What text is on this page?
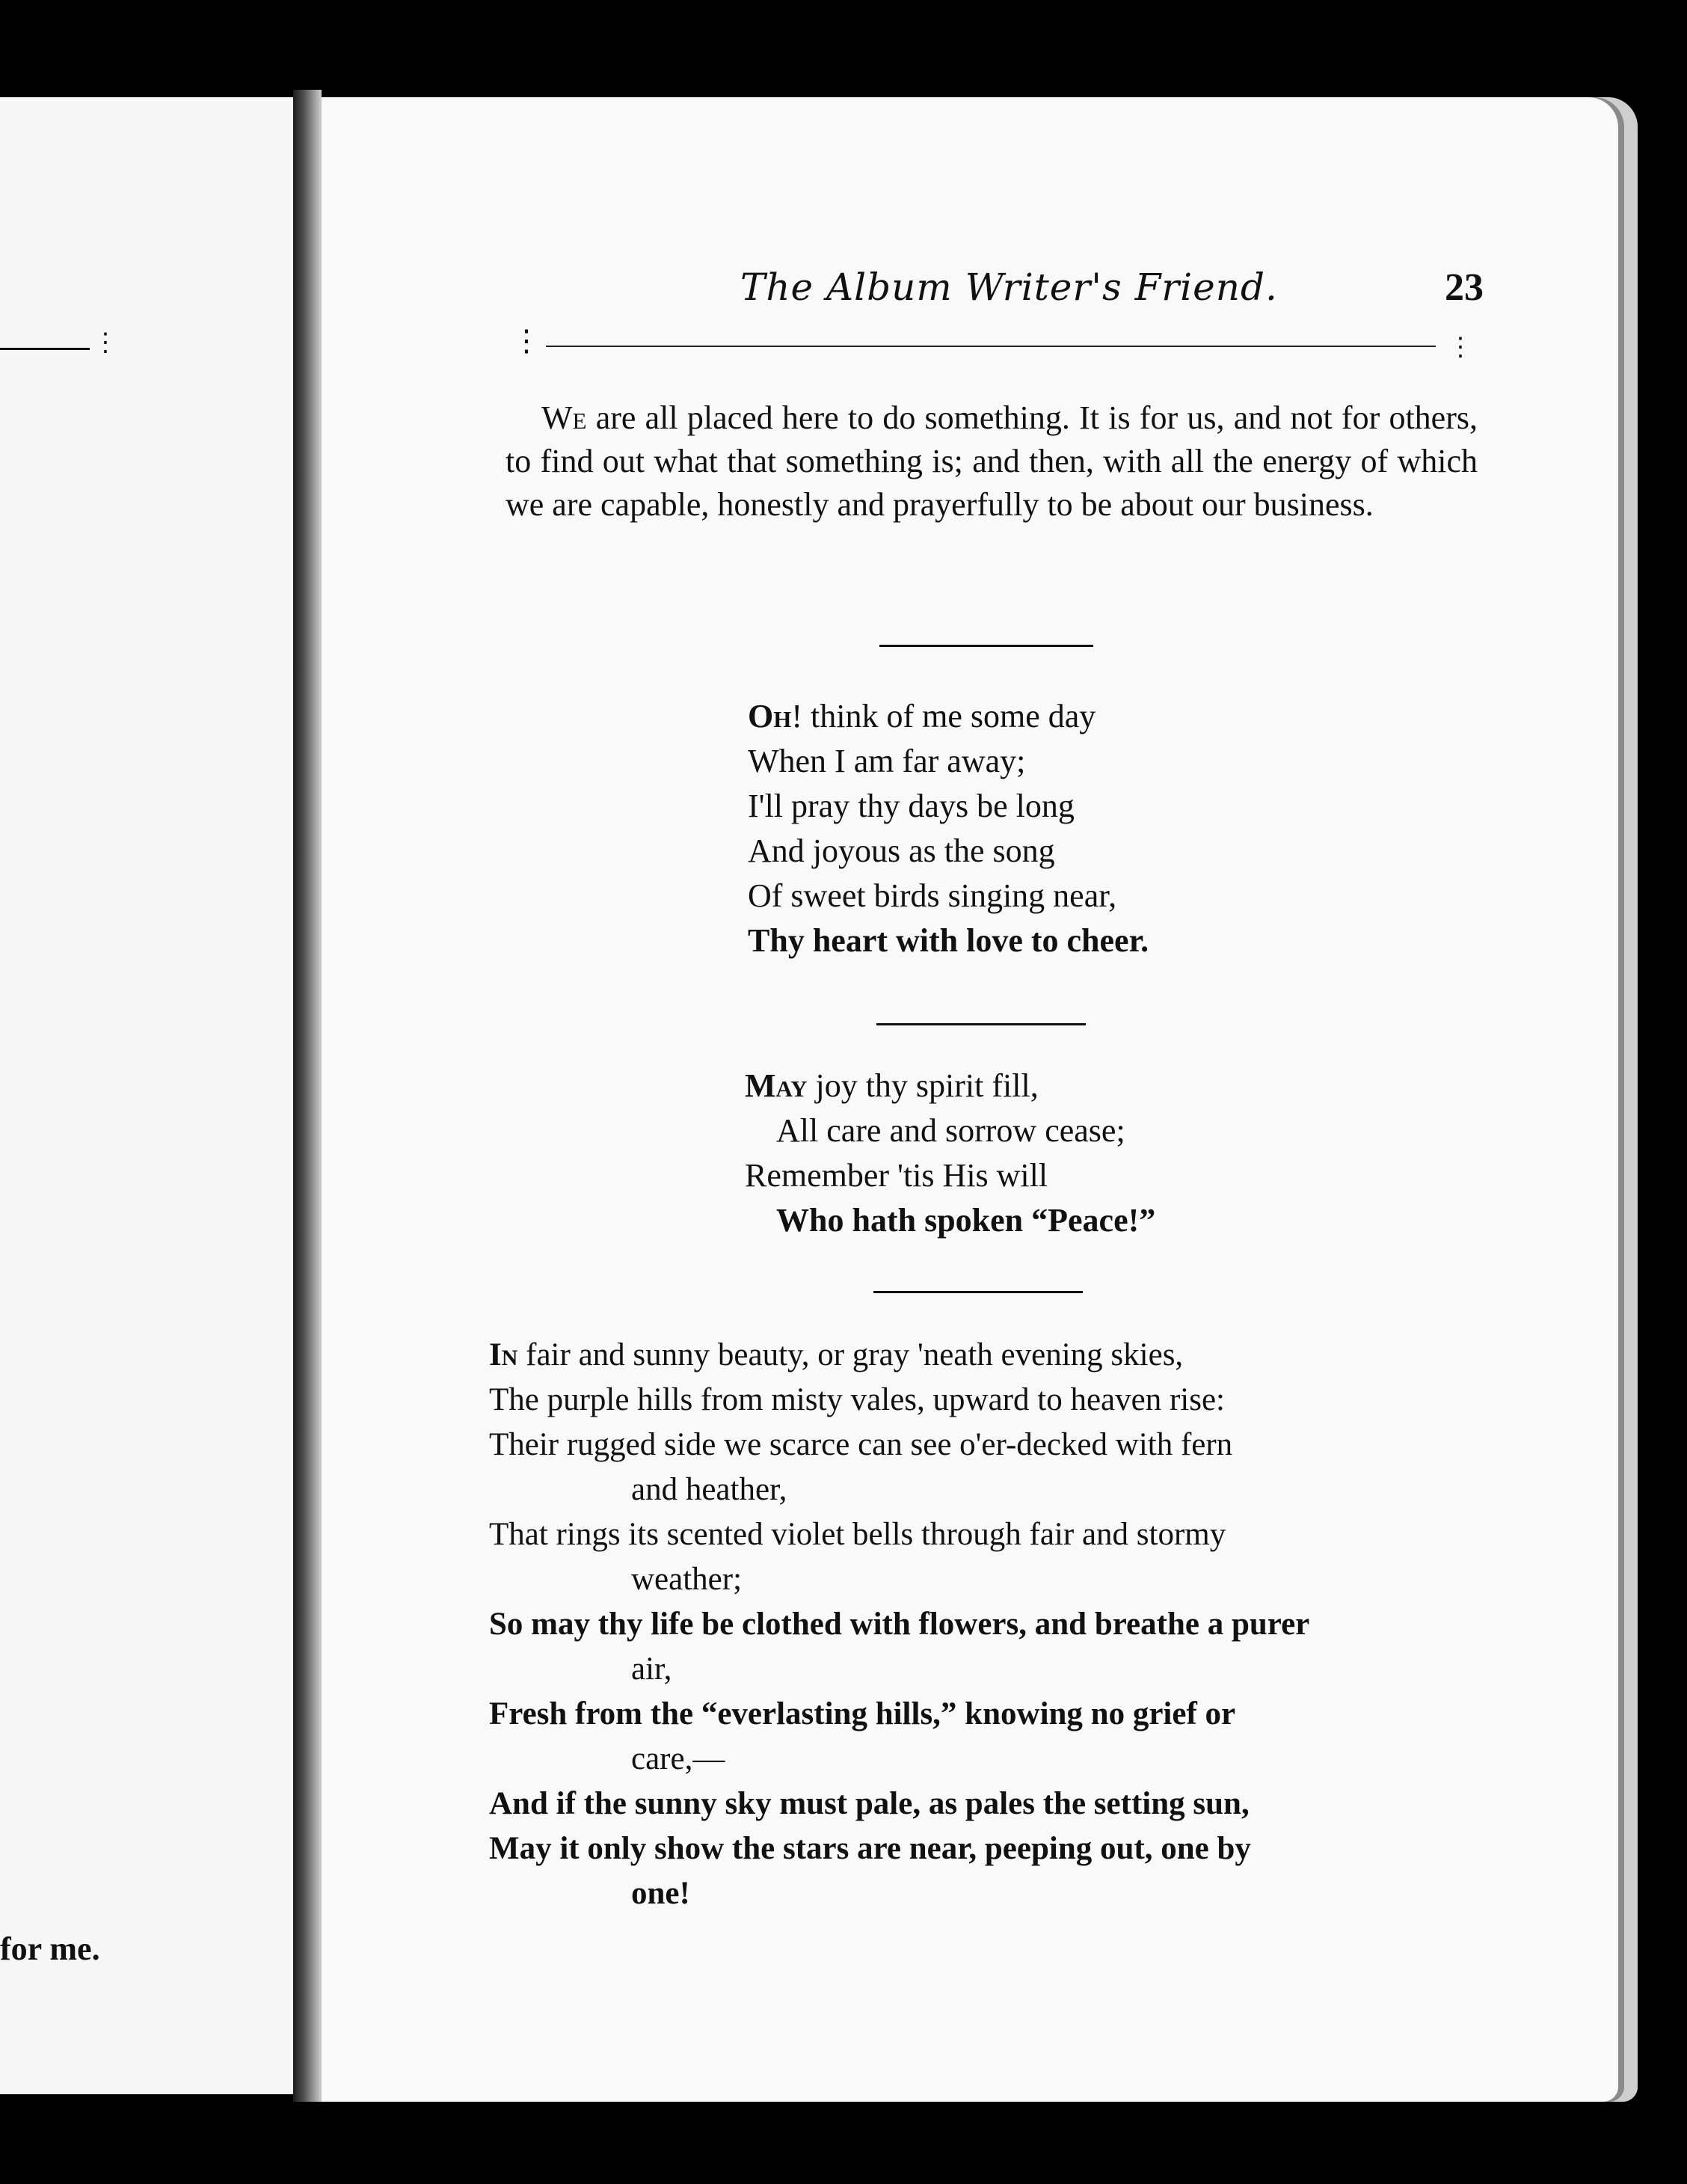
⋮
for me.
The Album Writer's Friend.	23
⋮	⋮

We are all placed here to do something. It is for us, and not for others, to find out what that something is; and then, with all the energy of which we are capable, honestly and prayerfully to be about our business.

Oh! think of me some day
When I am far away;
I'll pray thy days be long
And joyous as the song
Of sweet birds singing near,
Thy heart with love to cheer.
May joy thy spirit fill,
All care and sorrow cease;
Remember 'tis His will
Who hath spoken “Peace!”
In fair and sunny beauty, or gray 'neath evening skies,
The purple hills from misty vales, upward to heaven rise:
Their rugged side we scarce can see o'er-decked with fern
and heather,
That rings its scented violet bells through fair and stormy
weather;
So may thy life be clothed with flowers, and breathe a purer
air,
Fresh from the “everlasting hills,” knowing no grief or
care,—
And if the sunny sky must pale, as pales the setting sun,
May it only show the stars are near, peeping out, one by
one!
